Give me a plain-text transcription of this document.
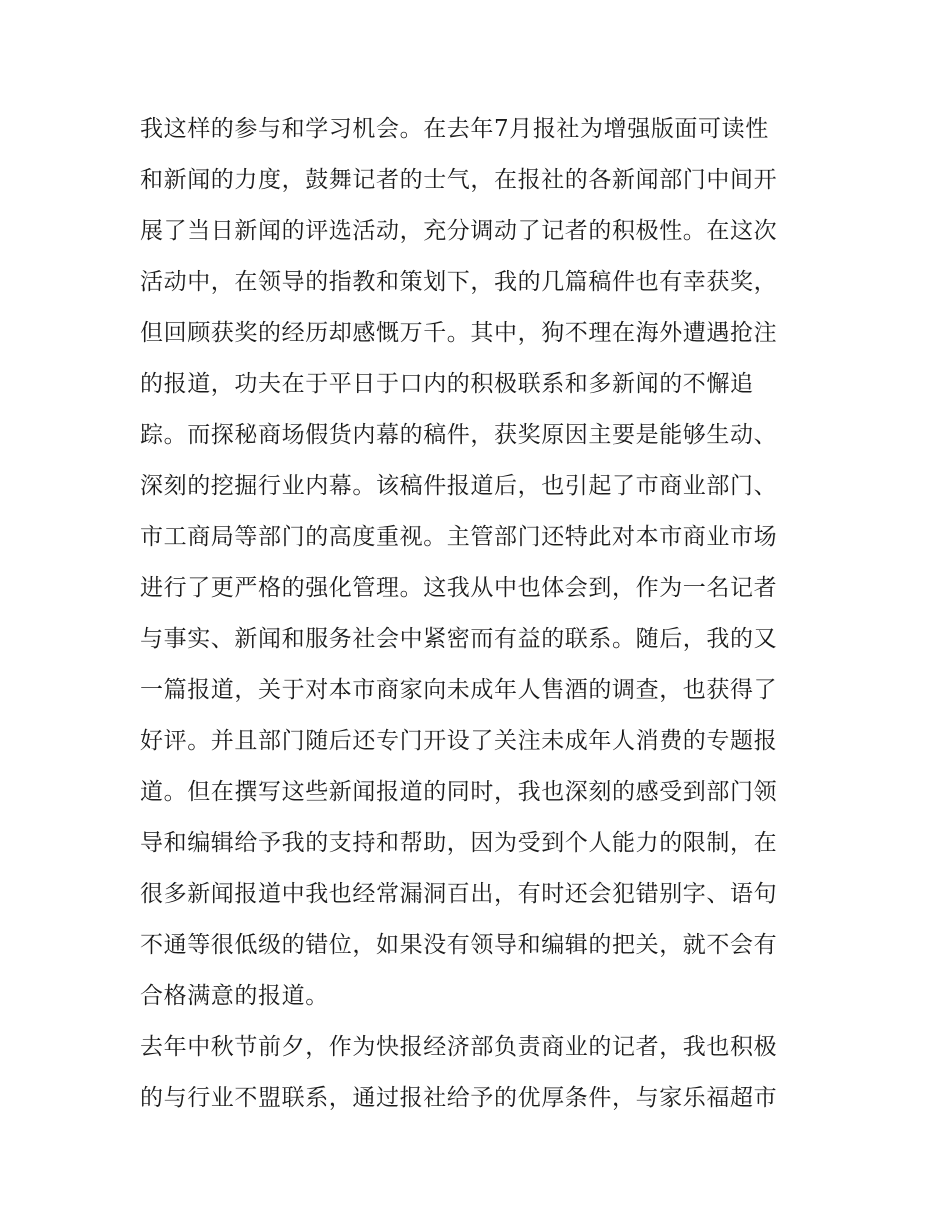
我这样的参与和学习机会。在去年7月报社为增强版面可读性
和新闻的力度，鼓舞记者的士气，在报社的各新闻部门中间开
展了当日新闻的评选活动，充分调动了记者的积极性。在这次
活动中，在领导的指教和策划下，我的几篇稿件也有幸获奖，
但回顾获奖的经历却感慨万千。其中，狗不理在海外遭遇抢注
的报道，功夫在于平日于口内的积极联系和多新闻的不懈追
踪。而探秘商场假货内幕的稿件，获奖原因主要是能够生动、
深刻的挖掘行业内幕。该稿件报道后，也引起了市商业部门、
市工商局等部门的高度重视。主管部门还特此对本市商业市场
进行了更严格的强化管理。这我从中也体会到，作为一名记者
与事实、新闻和服务社会中紧密而有益的联系。随后，我的又
一篇报道，关于对本市商家向未成年人售酒的调查，也获得了
好评。并且部门随后还专门开设了关注未成年人消费的专题报
道。但在撰写这些新闻报道的同时，我也深刻的感受到部门领
导和编辑给予我的支持和帮助，因为受到个人能力的限制，在
很多新闻报道中我也经常漏洞百出，有时还会犯错别字、语句
不通等很低级的错位，如果没有领导和编辑的把关，就不会有
合格满意的报道。
去年中秋节前夕，作为快报经济部负责商业的记者，我也积极
的与行业不盟联系，通过报社给予的优厚条件，与家乐福超市
